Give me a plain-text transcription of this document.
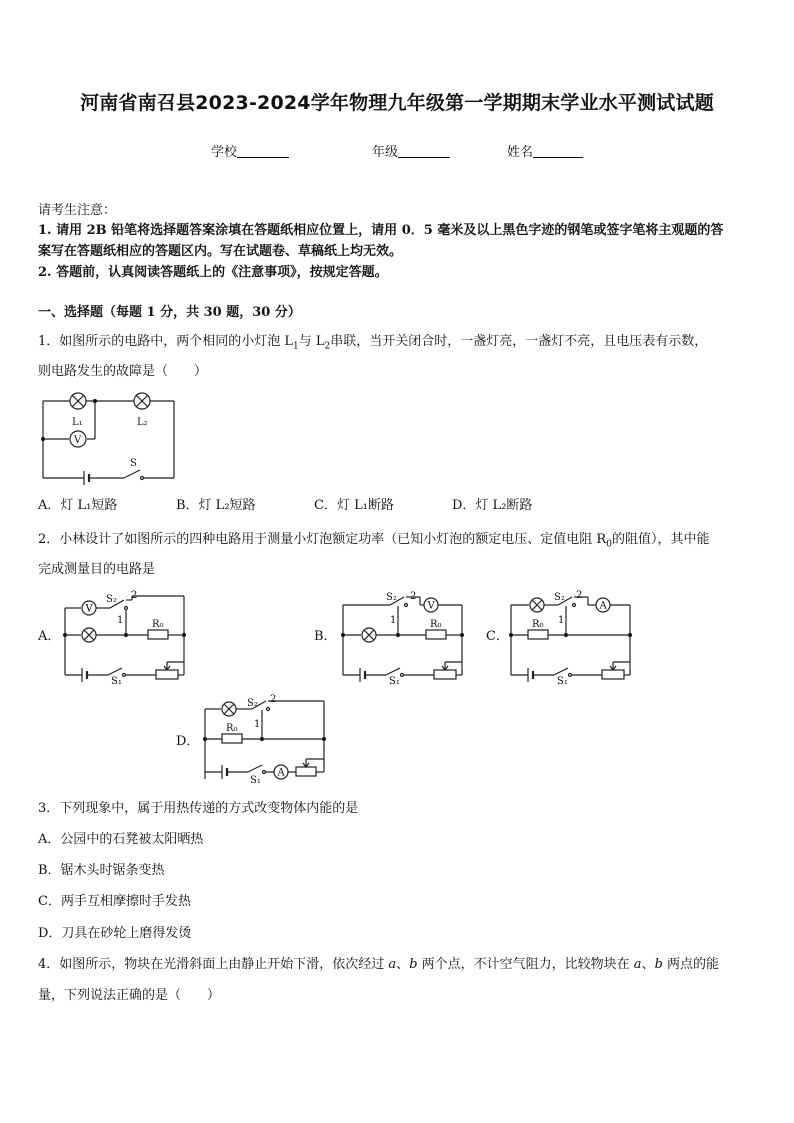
河南省南召县2023-2024学年物理九年级第一学期期末学业水平测试试题
学校	年级	姓名
请考生注意：
1. 请用 2B 铅笔将选择题答案涂填在答题纸相应位置上，请用 0．5 毫米及以上黑色字迹的钢笔或签字笔将主观题的答
案写在答题纸相应的答题区内。写在试题卷、草稿纸上均无效。
2. 答题前，认真阅读答题纸上的《注意事项》，按规定答题。
一、选择题（每题 1 分，共 30 题，30 分）
1．如图所示的电路中，两个相同的小灯泡 $L_1$与 $L_2$串联，当开关闭合时，一盏灯亮，一盏灯不亮，且电压表有示数，
则电路发生的故障是（　　）
V
L₁	L₂
S
A．灯 L₁短路	B．灯 L₂短路	C．灯 L₁断路	D．灯 L₂断路
2．小林设计了如图所示的四种电路用于测量小灯泡额定功率（已知小灯泡的额定电压、定值电阻 $R_0$的阻值），其中能
完成测量目的电路是
A．
V
S₂ 2
1	R₀
S₁
B．
S₂ 2
V
1	R₀
S₁
C．
S₂ 2
A
1
R₀
S₁
D．
S₂ 2
1
R₀
S₁
A
3．下列现象中，属于用热传递的方式改变物体内能的是
A．公园中的石凳被太阳晒热
B．锯木头时锯条变热
C．两手互相摩擦时手发热
D．刀具在砂轮上磨得发烫
4．如图所示，物块在光滑斜面上由静止开始下滑，依次经过 a、b 两个点，不计空气阻力，比较物块在 a、b 两点的能
量，下列说法正确的是（　　）
